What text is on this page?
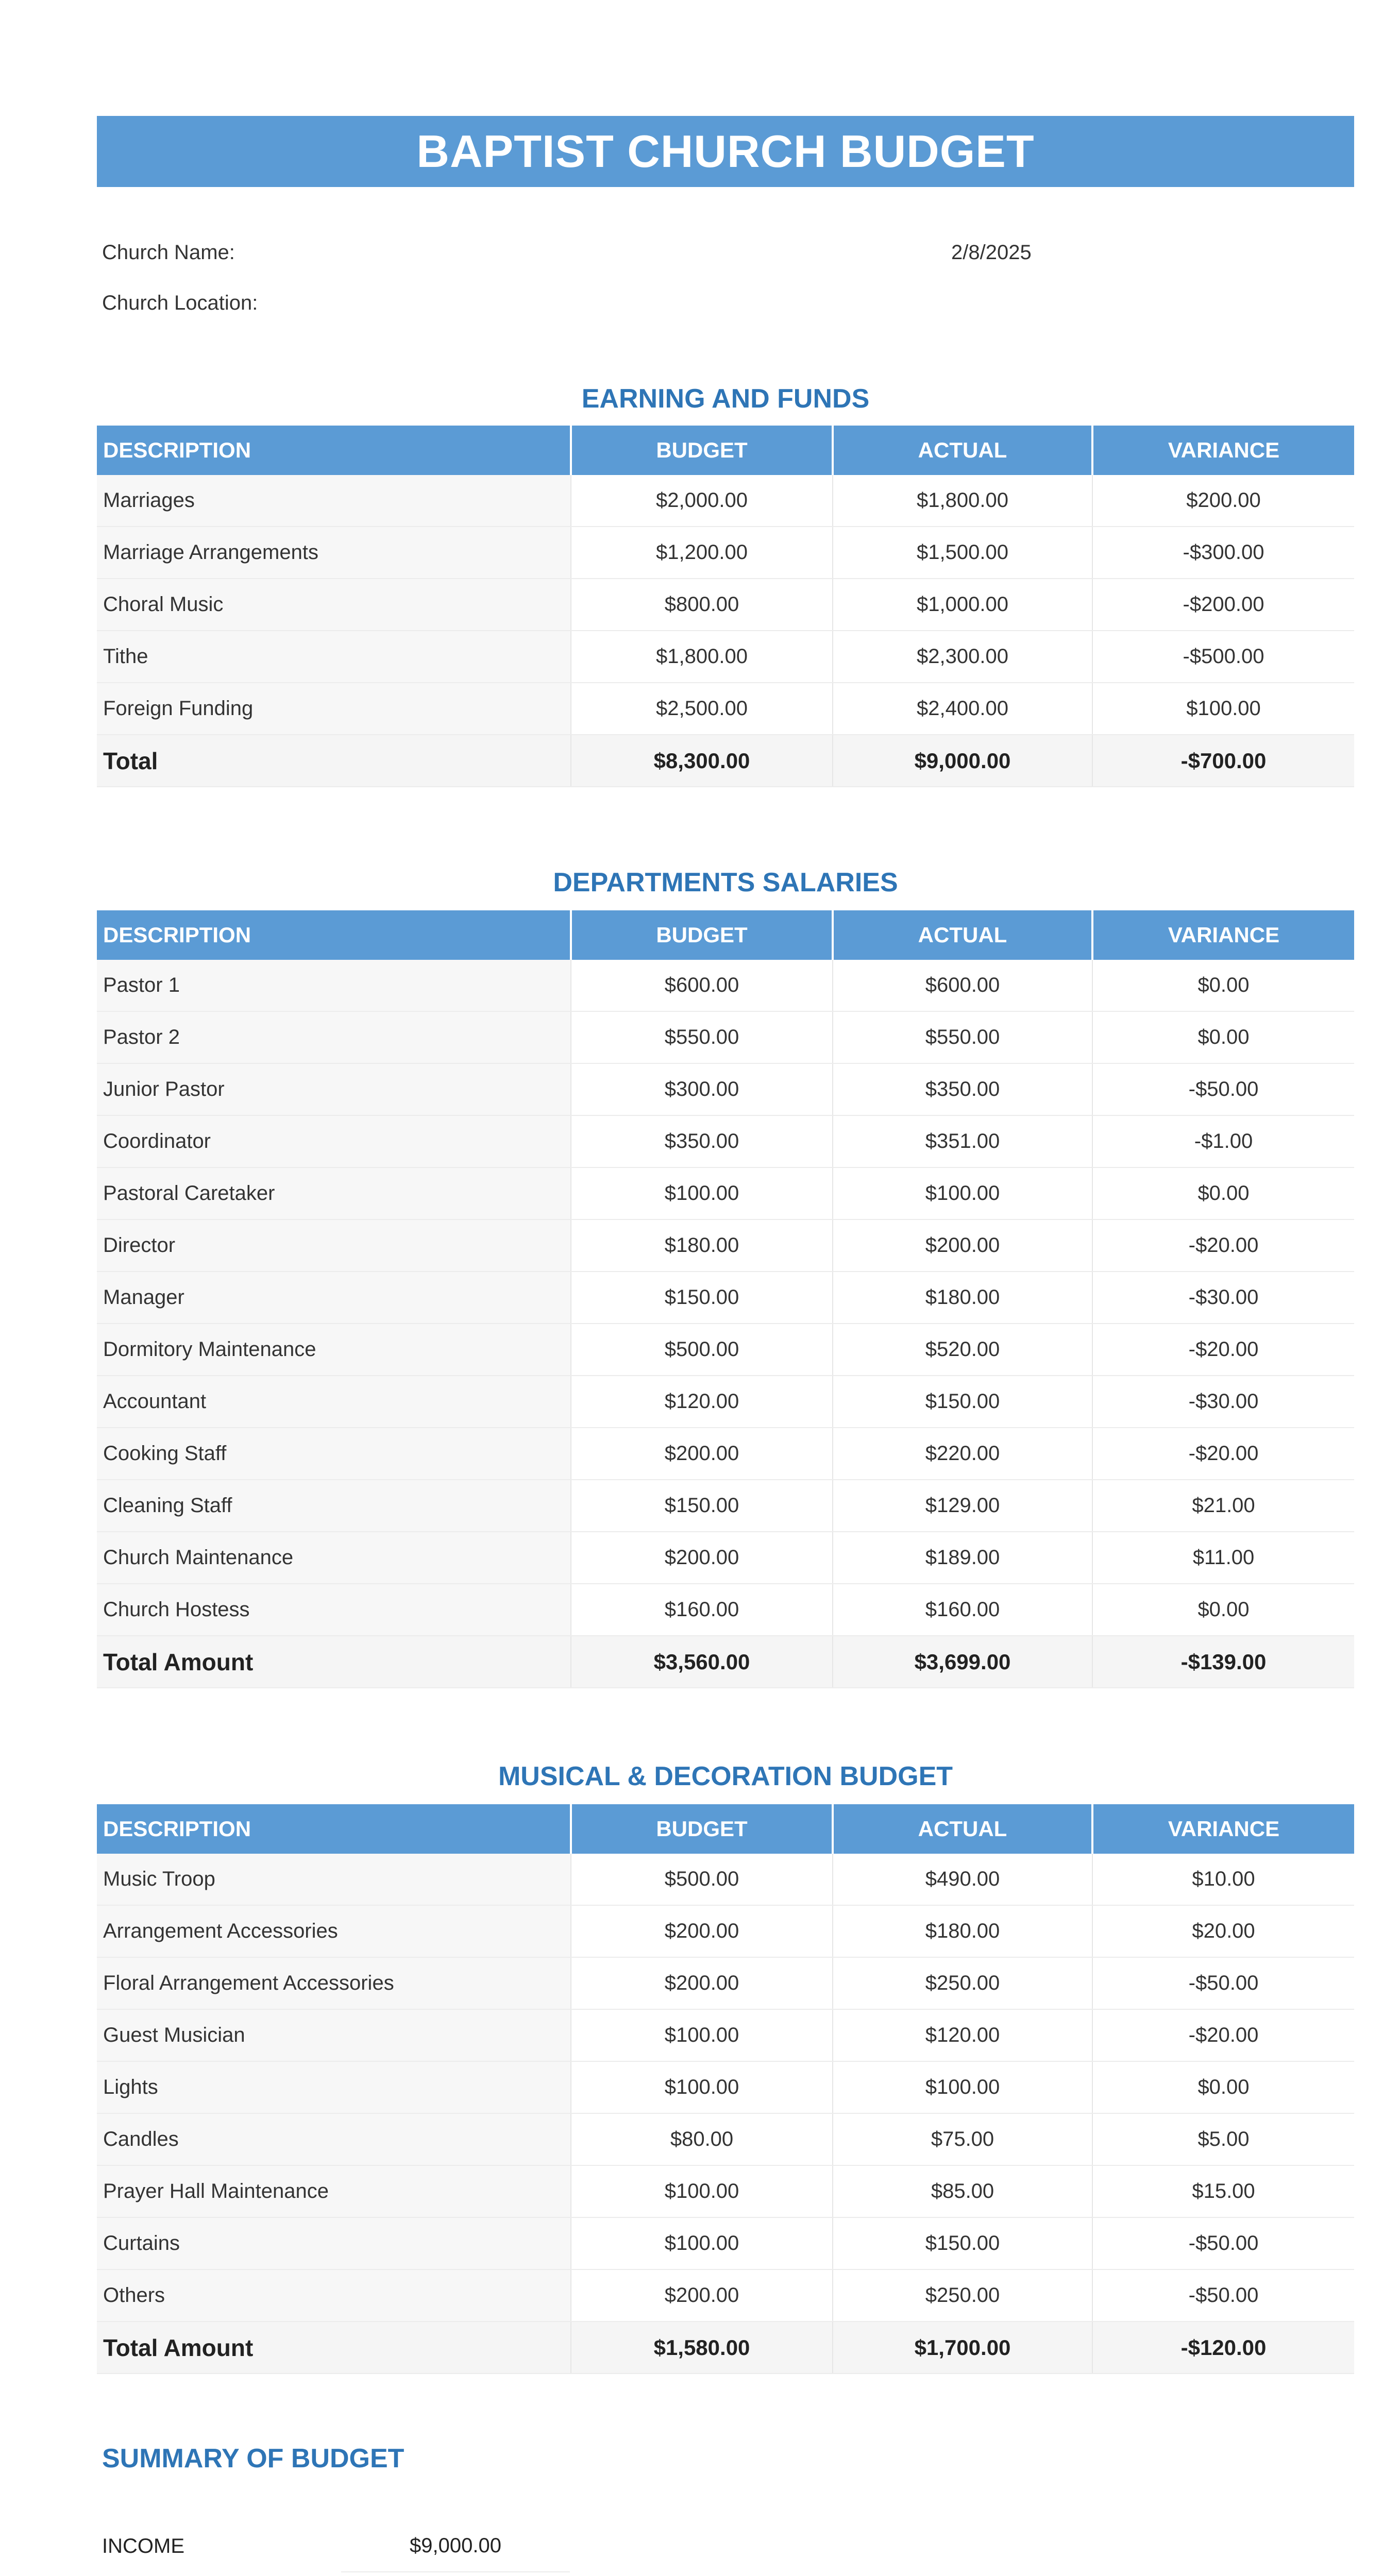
BAPTIST CHURCH BUDGET
Church Name:	2/8/2025
Church Location:
EARNING AND FUNDS
DESCRIPTION	BUDGET	ACTUAL	VARIANCE
Marriages	$2,000.00	$1,800.00	$200.00
Marriage Arrangements	$1,200.00	$1,500.00	-$300.00
Choral Music	$800.00	$1,000.00	-$200.00
Tithe	$1,800.00	$2,300.00	-$500.00
Foreign Funding	$2,500.00	$2,400.00	$100.00
Total	$8,300.00	$9,000.00	-$700.00
DEPARTMENTS SALARIES
DESCRIPTION	BUDGET	ACTUAL	VARIANCE
Pastor 1	$600.00	$600.00	$0.00
Pastor 2	$550.00	$550.00	$0.00
Junior Pastor	$300.00	$350.00	-$50.00
Coordinator	$350.00	$351.00	-$1.00
Pastoral Caretaker	$100.00	$100.00	$0.00
Director	$180.00	$200.00	-$20.00
Manager	$150.00	$180.00	-$30.00
Dormitory Maintenance	$500.00	$520.00	-$20.00
Accountant	$120.00	$150.00	-$30.00
Cooking Staff	$200.00	$220.00	-$20.00
Cleaning Staff	$150.00	$129.00	$21.00
Church Maintenance	$200.00	$189.00	$11.00
Church Hostess	$160.00	$160.00	$0.00
Total Amount	$3,560.00	$3,699.00	-$139.00
MUSICAL & DECORATION BUDGET
DESCRIPTION	BUDGET	ACTUAL	VARIANCE
Music Troop	$500.00	$490.00	$10.00
Arrangement Accessories	$200.00	$180.00	$20.00
Floral Arrangement Accessories	$200.00	$250.00	-$50.00
Guest Musician	$100.00	$120.00	-$20.00
Lights	$100.00	$100.00	$0.00
Candles	$80.00	$75.00	$5.00
Prayer Hall Maintenance	$100.00	$85.00	$15.00
Curtains	$100.00	$150.00	-$50.00
Others	$200.00	$250.00	-$50.00
Total Amount	$1,580.00	$1,700.00	-$120.00
SUMMARY OF BUDGET
INCOME	$9,000.00
